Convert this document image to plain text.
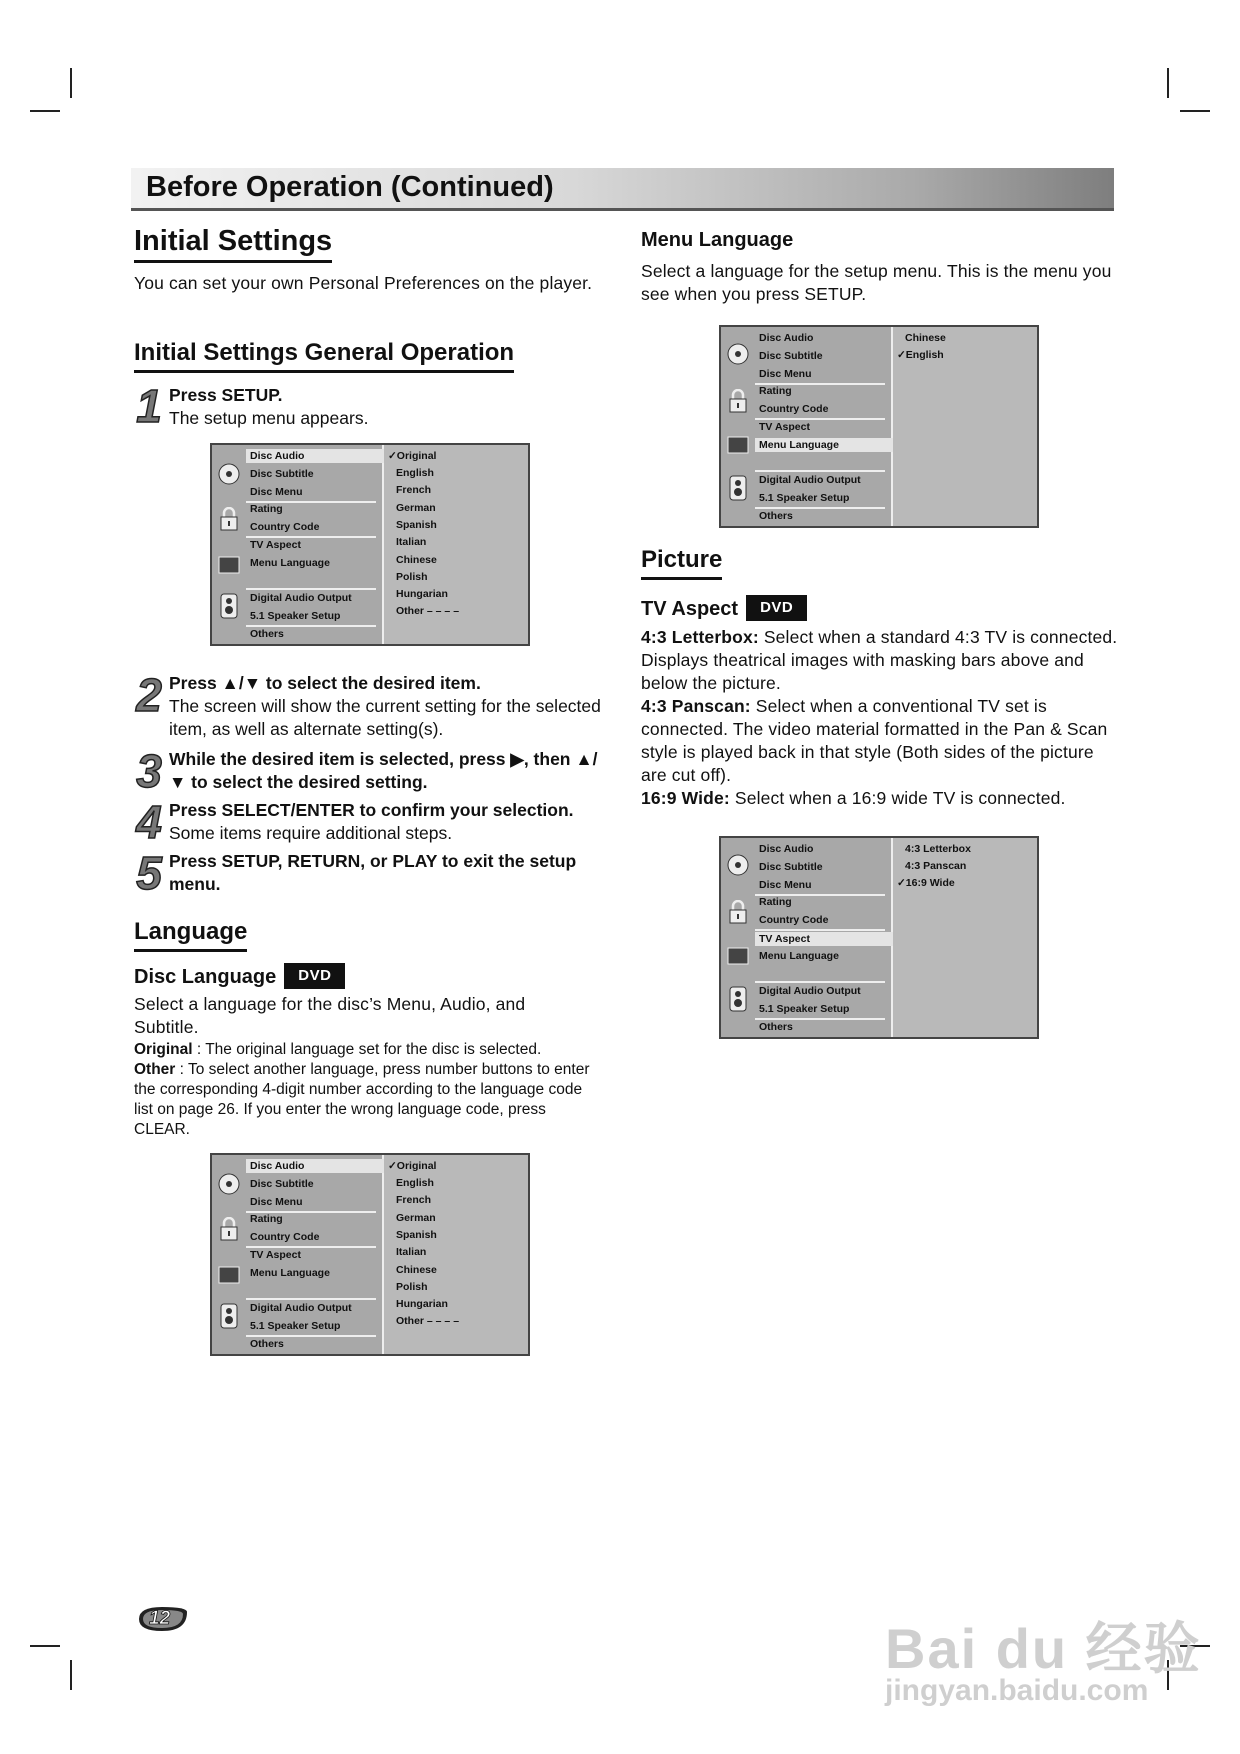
Before Operation (Continued)
Initial Settings
You can set your own Personal Preferences on the player.
Initial Settings General Operation
1 Press SETUP.
The setup menu appears.
Disc Audio
Disc Subtitle
Disc Menu
Rating
Country Code
TV Aspect
Menu Language
Digital Audio Output
5.1 Speaker Setup
Others
✓Original
English
French
German
Spanish
Italian
Chinese
Polish
Hungarian
Other – – – –
2 Press ▲/▼ to select the desired item.
The screen will show the current setting for the selected item, as well as alternate setting(s).
3 While the desired item is selected, press ▶, then ▲/▼ to select the desired setting.
4 Press SELECT/ENTER to confirm your selection.
Some items require additional steps.
5 Press SETUP, RETURN, or PLAY to exit the setup menu.
Language
Disc Language DVD
Select a language for the disc’s Menu, Audio, and Subtitle.
Original : The original language set for the disc is selected.
Other : To select another language, press number buttons to enter the corresponding 4-digit number according to the language code list on page 26. If you enter the wrong language code, press CLEAR.
Disc Audio
Disc Subtitle
Disc Menu
Rating
Country Code
TV Aspect
Menu Language
Digital Audio Output
5.1 Speaker Setup
Others
✓Original
English
French
German
Spanish
Italian
Chinese
Polish
Hungarian
Other – – – –
Menu Language
Select a language for the setup menu. This is the menu you see when you press SETUP.
Disc Audio
Disc Subtitle
Disc Menu
Rating
Country Code
TV Aspect
Menu Language
Digital Audio Output
5.1 Speaker Setup
Others
Chinese
✓English
Picture
TV Aspect DVD
4:3 Letterbox: Select when a standard 4:3 TV is connected. Displays theatrical images with masking bars above and below the picture.
4:3 Panscan: Select when a conventional TV set is connected. The video material formatted in the Pan & Scan style is played back in that style (Both sides of the picture are cut off).
16:9 Wide: Select when a 16:9 wide TV is connected.
Disc Audio
Disc Subtitle
Disc Menu
Rating
Country Code
TV Aspect
Menu Language
Digital Audio Output
5.1 Speaker Setup
Others
4:3 Letterbox
4:3 Panscan
✓16:9 Wide
12	Bai du 经验
jingyan.baidu.com
